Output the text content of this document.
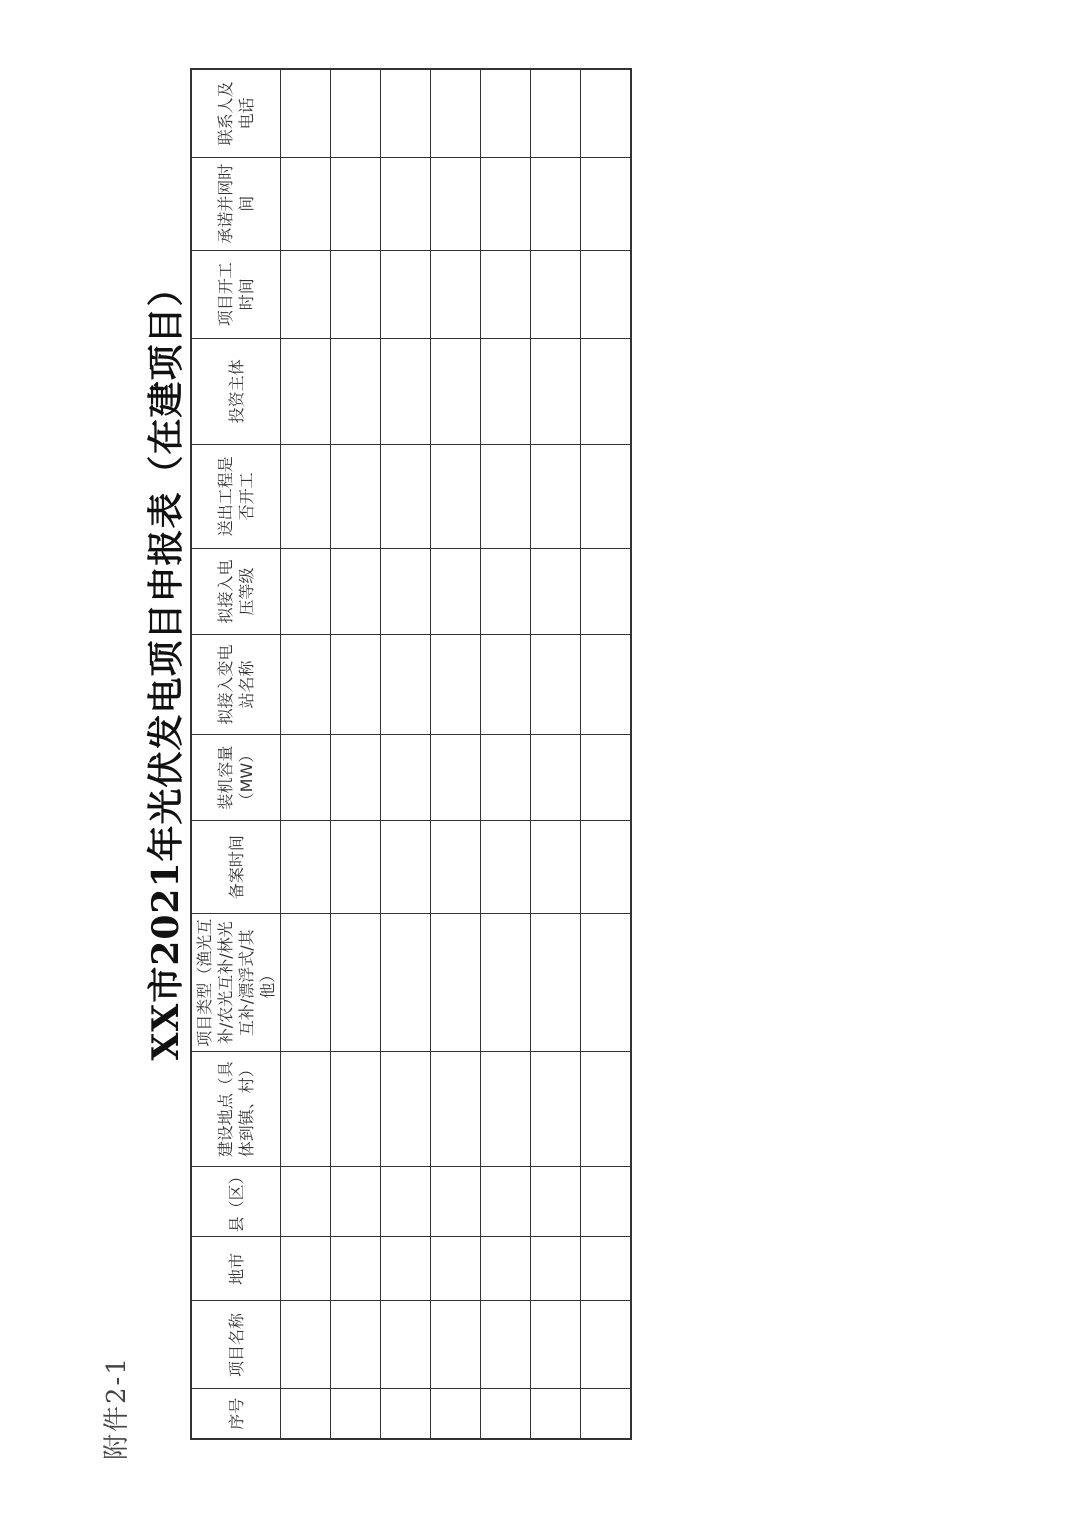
附件2-1
XX市2021年光伏发电项目申报表（在建项目）
序号	项目名称	地市	县（区）	建设地点（具体到镇、村）	项目类型（渔光互补/农光互补/林光互补/漂浮式/其他）	备案时间	装机容量（MW）	拟接入变电站名称	拟接入电压等级	送出工程是否开工	投资主体	项目开工时间	承诺并网时间	联系人及电话
